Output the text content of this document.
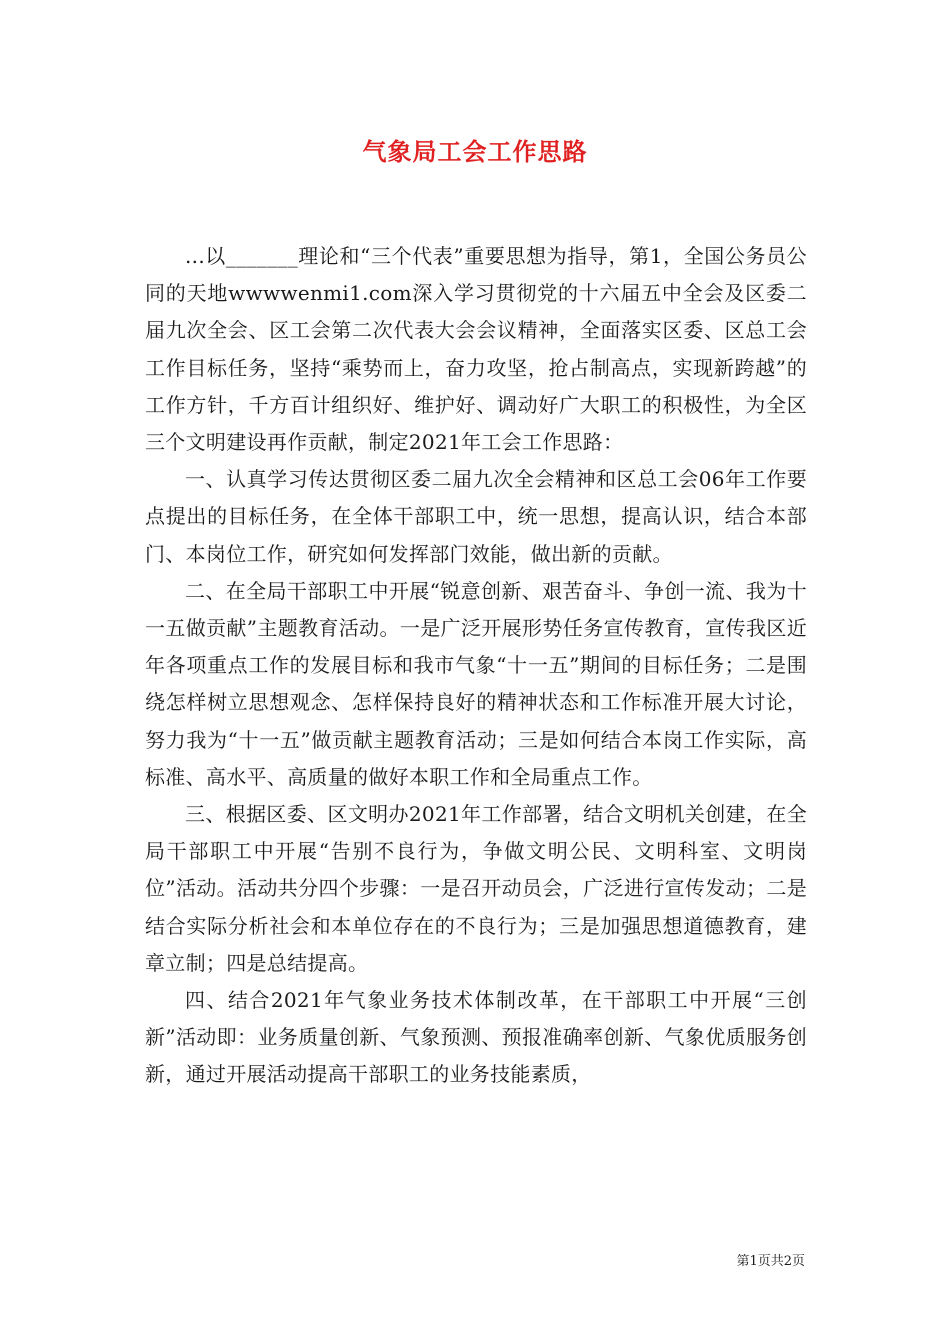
气象局工会工作思路

...以_______理论和“三个代表”重要思想为指导，第1，全国公务员公同的天地wwwwenmi1.com深入学习贯彻党的十六届五中全会及区委二届九次全会、区工会第二次代表大会会议精神，全面落实区委、区总工会工作目标任务，坚持“乘势而上，奋力攻坚，抢占制高点，实现新跨越”的工作方针，千方百计组织好、维护好、调动好广大职工的积极性，为全区三个文明建设再作贡献，制定2021年工会工作思路：

一、认真学习传达贯彻区委二届九次全会精神和区总工会06年工作要点提出的目标任务，在全体干部职工中，统一思想，提高认识，结合本部门、本岗位工作，研究如何发挥部门效能，做出新的贡献。

二、在全局干部职工中开展“锐意创新、艰苦奋斗、争创一流、我为十一五做贡献”主题教育活动。一是广泛开展形势任务宣传教育，宣传我区近年各项重点工作的发展目标和我市气象“十一五”期间的目标任务；二是围绕怎样树立思想观念、怎样保持良好的精神状态和工作标准开展大讨论，努力我为“十一五”做贡献主题教育活动；三是如何结合本岗工作实际，高标准、高水平、高质量的做好本职工作和全局重点工作。

三、根据区委、区文明办2021年工作部署，结合文明机关创建，在全局干部职工中开展“告别不良行为，争做文明公民、文明科室、文明岗位”活动。活动共分四个步骤：一是召开动员会，广泛进行宣传发动；二是结合实际分析社会和本单位存在的不良行为；三是加强思想道德教育，建章立制；四是总结提高。

四、结合2021年气象业务技术体制改革，在干部职工中开展“三创新”活动即：业务质量创新、气象预测、预报准确率创新、气象优质服务创新，通过开展活动提高干部职工的业务技能素质，

第1页共2页
